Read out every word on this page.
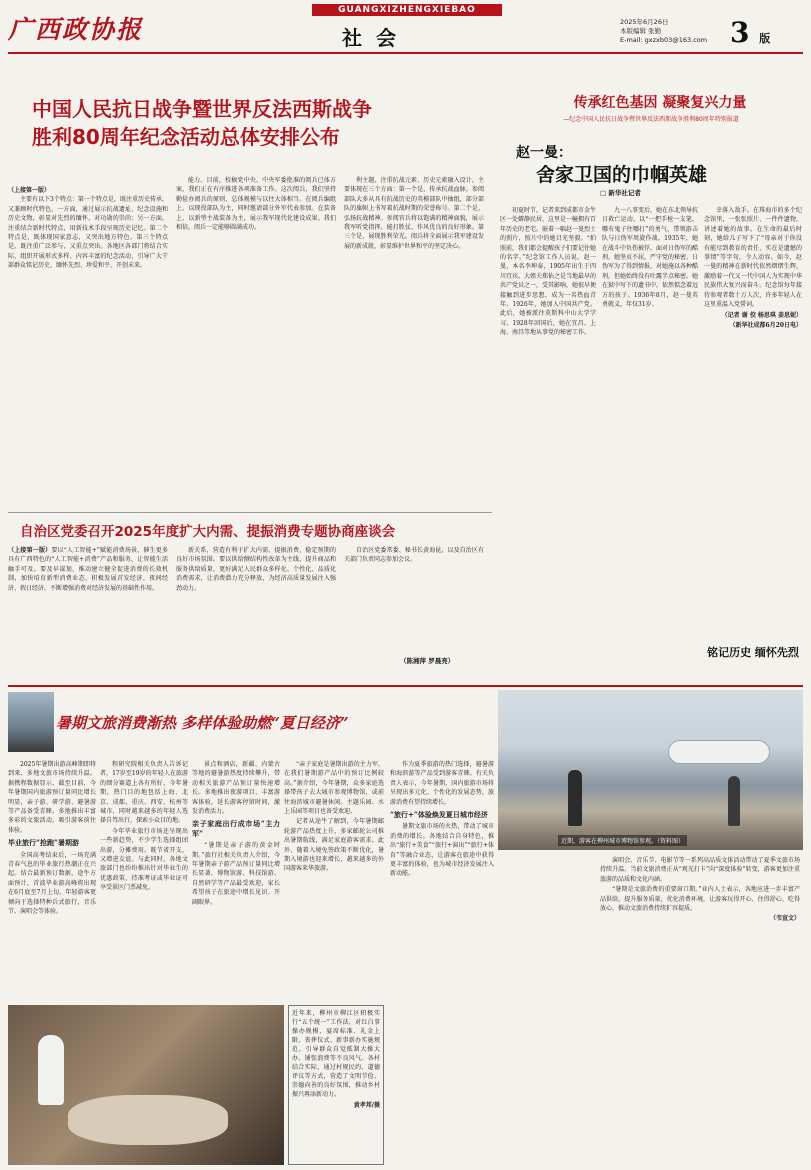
广西政协报
GUANGXIZHENGXIEBAO
社会
2025年6月26日
本版编辑 张勤
E-mail: gxzxb03@163.com 3 版
中国人民抗日战争暨世界反法西斯战争
胜利80周年纪念活动总体安排公布
（上接第一版）

主要有以下3个特点：第一个特点是，既注重历史传承，又兼顾时代特色，一方面，通过展示抗战遗址、纪念设施和历史文物，彰显对先烈的缅怀、对功勋的崇尚；另一方面，注重结合新时代特点，用新技术手段呈现历史记忆。第二个特点是，既体现国家意志，又突出地方特色。第三个特点是，既注重广泛参与，又重点突出。各地区各部门将结合实际，组织开展形式多样、内容丰富的纪念活动，引导广大干部群众铭记历史、缅怀先烈、珍爱和平、开创未来。

能力。目前，校稿党中央、中央军委批准的阅兵已体方案，我们正在有序推进各项准备工作。这次阅兵，我们坚持勤俭办阅兵的原则，总体规模与以往大体相当。在阅兵编组上，以现役部队为主，同时邀请部分外军代表参加。在装备上，以新型主战装备为主，展示我军现代化建设成果。我们相信，阅兵一定能够圆满成功。

利主题，注重抗战元素、历史元素融入设计，主要体现在三个方面：第一个是，传承抗战血脉。参阅部队大多从具有抗战历史的英模部队中抽组，部分部队的旗帜上书写着抗战时期的荣誉称号。第二个是，弘扬抗战精神。参阅官兵将以饱满的精神面貌，展示我军听党指挥、能打胜仗、作风优良的良好形象。第三个是，展现胜利荣光。阅兵将全面展示我军建设发展的新成就，彰显维护世界和平的坚定决心。

传承红色基因 凝聚复兴力量
—纪念中国人民抗日战争暨世界反法西斯战争胜利80周年特别报道
赵一曼：
舍家卫国的巾帼英雄
□ 新华社记者

初夏时节，记者来到成都市金牛区一处僻静民居，这里是一幢拥有百年历史的老宅。嵌着一幅赵一曼烈士的照片，照片中的她目光坚毅。“拍照前，我们都会提醒孩子们要记住她的名字。”纪念馆工作人员说。赵一曼，本名李坤泰，1905年出生于四川宜宾。大姐夫郑佑之是当地最早的共产党员之一，受其影响，她很早便接触到进步思想，成为一名热血青年。1926年，她加入中国共产党。此后，她被派往莫斯科中山大学学习。1928年回国后，她在宜昌、上海、南昌等地从事党的秘密工作。

九一八事变后，她在东北领导抗日救亡运动，以“一把手枪一支笔，哪有鬼子往哪打”的勇气，带领游击队与日伪军周旋作战。1935年，她在战斗中负伤被俘。面对日伪军的酷刑，她坚贞不屈，严守党的秘密。日伪军为了得到情报，对她施以各种酷刑，但她始终没有吐露半点秘密。她在狱中写下的遗书中，依然惦念着远方的孩子。1936年8月，赵一曼英勇就义，年仅31岁。

幸落入敌手。在珠海市的多个纪念馆里，一张张照片、一件件遗物，讲述着她的故事。在生命的最后时刻，她给儿子写下了“母亲对于你没有能尽到教育的责任，实在是遗憾的事情”等字句，令人动容。如今，赵一曼的精神在新时代依然熠熠生辉，激励着一代又一代中国人为实现中华民族伟大复兴而奋斗。纪念馆每年接待参观者数十万人次，许多年轻人在这里重温入党誓词。

（记者 谢 佼 杨思琪 姜思妮）
（新华社成都6月20日电）
铭记历史 缅怀先烈
自治区党委召开2025年度扩大内需、提振消费专题协商座谈会
（上接第一版）要以“人工智能+”赋能消费场景，催生更多具有广西特色的“人工智能+消费”产品和服务，让智能生活触手可及。要及早谋划，推动建立健全促进消费的长效机制，加快培育新型消费业态，积极发展首发经济、夜间经济、假日经济，不断增强消费对经济发展的基础性作用。

新关系，营造有利于扩大内需、提振消费、稳定预期的良好市场氛围。要以供给侧结构性改革为主线，提升商品和服务供给质量，更好满足人民群众多样化、个性化、品质化消费需求，让消费潜力充分释放，为经济高质量发展注入强劲动力。

自治区党委常委、秘书长黄海昆，以及自治区有关部门负责同志参加会议。

（陈湘萍 罗晨亮）
暑期文旅消费渐热 多样体验助燃“夏日经济”
近期，游客在柳州城市博物馆参观。（资料图）

2025年暑期出游高峰期即将到来，多地文旅市场持续升温。据携程数据显示，截至目前，今年暑期国内旅游预订量同比增长明显，亲子游、研学游、避暑游等产品备受青睐。多地推出丰富多彩的文旅活动，吸引游客前往体验。

毕业旅行“抢跑”暑期游

全国高考结束后，一场充满青春气息的毕业旅行热潮正在兴起。结合最新预订数据，途牛方面预计，首波毕业游高峰将出现在6月底至7月上旬。年轻游客更倾向于选择特种兵式旅行、音乐节、演唱会等体验。

程研究院相关负责人告诉记者，17岁至19岁的年轻人在旅游的细分赛道上各有所好，今年暑期，热门目的地包括上海、北京、成都、重庆、西安、杭州等城市，同时越来越多的年轻人选择自驾出行，探索小众目的地。

今年毕业旅行市场还呈现出一些新趋势，不少学生选择组团出游，分摊费用，既节省开支，又增进友谊。与此同时，各地文旅部门也纷纷推出针对毕业生的优惠政策，持准考证或毕业证可享受景区门票减免。

景点和酒店，新疆、内蒙古等地的避暑游热度持续攀升，带动相关旅游产品预订量快速增长。多地推出夜游项目，丰富游客体验，延长游客停留时间，激发消费活力。

亲子家庭出行成市场“主力军”

“暑期是亲子游的黄金时期。”旅行社相关负责人介绍，今年暑期亲子游产品预订量同比增长显著，博物馆游、科技馆游、自然研学等产品最受欢迎，家长希望孩子在旅途中增长见识、开阔眼界。

“亲子家庭是暑期出游的主力军，在我们暑期游产品中的预订比例较高。”据介绍，今年暑期，众多家庭选择带孩子去大城市参观博物馆，或前往海滨城市避暑休闲。主题乐园、水上乐园等项目也备受欢迎。

记者从途牛了解到，今年暑期邮轮游产品热度上升，多家邮轮公司推出暑期航线，满足家庭游客需求。此外，随着入境免签政策不断优化，暑期入境游也迎来增长，越来越多的外国游客来华旅游。

作为夏季旅游的热门选择，避暑游和海滨游等产品受到游客青睐。有关负责人表示，今年暑期，国内旅游市场将呈现出多元化、个性化的发展态势，旅游消费有望持续增长。

“旅行+”体验焕发夏日城市经济

暑期文旅市场的火热，带动了城市消费的增长。各地结合自身特色，推出“旅行+美食”“旅行+演出”“旅行+体育”等融合业态，让游客在旅途中获得更丰富的体验，也为城市经济发展注入新动能。

演唱会、音乐节、电影节等一系列高品质文体活动带动了夏季文旅市场持续升温。当前文旅消费正从“观光打卡”向“深度体验”转变，游客更加注重旅游的品质和文化内涵。

“暑期是文旅消费的重要窗口期。”业内人士表示，各地应进一步丰富产品供给，提升服务质量，优化消费环境，让游客玩得开心、住得舒心、吃得放心，推动文旅消费持续扩容提质。

（韦宣文）
近年来，柳州市柳江区积极实行“五个统一”工作法，对红白事操办规模、宴席标准、礼金上限、丧葬仪式、新事新办实施规范，引导群众自觉抵制大操大办、铺张浪费等不良风气。各村结合实际，通过村规民约、道德评议等方式，营造了文明节俭、崇德向善的良好氛围，推动乡村振兴再添新动力。
黄孝邦/摄
